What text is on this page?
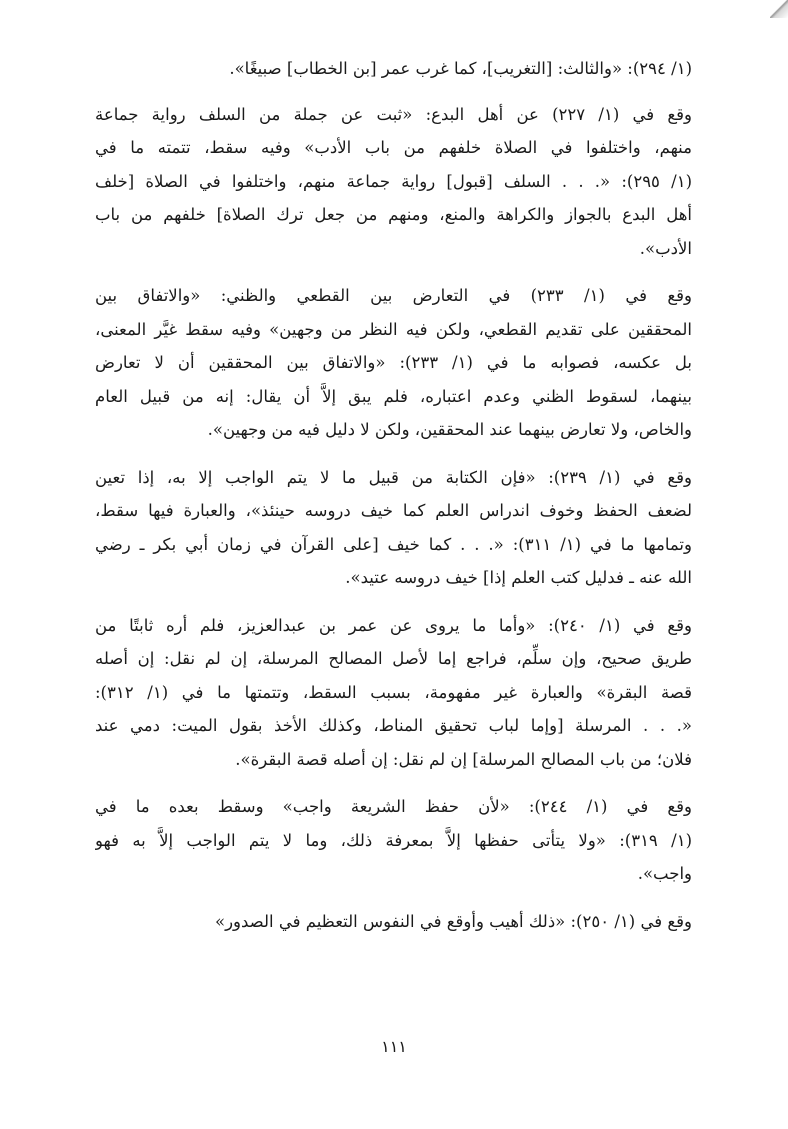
(١/ ٢٩٤): «والثالث: [التغريب]، كما غرب عمر [بن الخطاب] صبيغًا».

وقع في (١/ ٢٢٧) عن أهل البدع: «ثبت عن جملة من السلف رواية جماعة
منهم، واختلفوا في الصلاة خلفهم من باب الأدب» وفيه سقط، تتمته ما في
(١/ ٢٩٥): «. . . السلف [قبول] رواية جماعة منهم، واختلفوا في الصلاة [خلف
أهل البدع بالجواز والكراهة والمنع، ومنهم من جعل ترك الصلاة] خلفهم من باب
الأدب».

وقع في (١/ ٢٣٣) في التعارض بين القطعي والظني: «والاتفاق بين
المحققين على تقديم القطعي، ولكن فيه النظر من وجهين» وفيه سقط غيَّر المعنى،
بل عكسه، فصوابه ما في (١/ ٢٣٣): «والاتفاق بين المحققين أن لا تعارض
بينهما، لسقوط الظني وعدم اعتباره، فلم يبق إلاَّ أن يقال: إنه من قبيل العام
والخاص، ولا تعارض بينهما عند المحققين، ولكن لا دليل فيه من وجهين».

وقع في (١/ ٢٣٩): «فإن الكتابة من قبيل ما لا يتم الواجب إلا به، إذا تعين
لضعف الحفظ وخوف اندراس العلم كما خيف دروسه حينئذ»، والعبارة فيها سقط،
وتمامها ما في (١/ ٣١١): «. . . كما خيف [على القرآن في زمان أبي بكر ـ رضي
الله عنه ـ فدليل كتب العلم إذا] خيف دروسه عتيد».

وقع في (١/ ٢٤٠): «وأما ما يروى عن عمر بن عبدالعزيز، فلم أره ثابتًا من
طريق صحيح، وإن سلِّم، فراجع إما لأصل المصالح المرسلة، إن لم نقل: إن أصله
قصة البقرة» والعبارة غير مفهومة، بسبب السقط، وتتمتها ما في (١/ ٣١٢):
«. . . المرسلة [وإما لباب تحقيق المناط، وكذلك الأخذ بقول الميت: دمي عند
فلان؛ من باب المصالح المرسلة] إن لم نقل: إن أصله قصة البقرة».

وقع في (١/ ٢٤٤): «لأن حفظ الشريعة واجب» وسقط بعده ما في
(١/ ٣١٩): «ولا يتأتى حفظها إلاَّ بمعرفة ذلك، وما لا يتم الواجب إلاَّ به فهو
واجب».

وقع في (١/ ٢٥٠): «ذلك أهيب وأوقع في النفوس التعظيم في الصدور»

١١١
